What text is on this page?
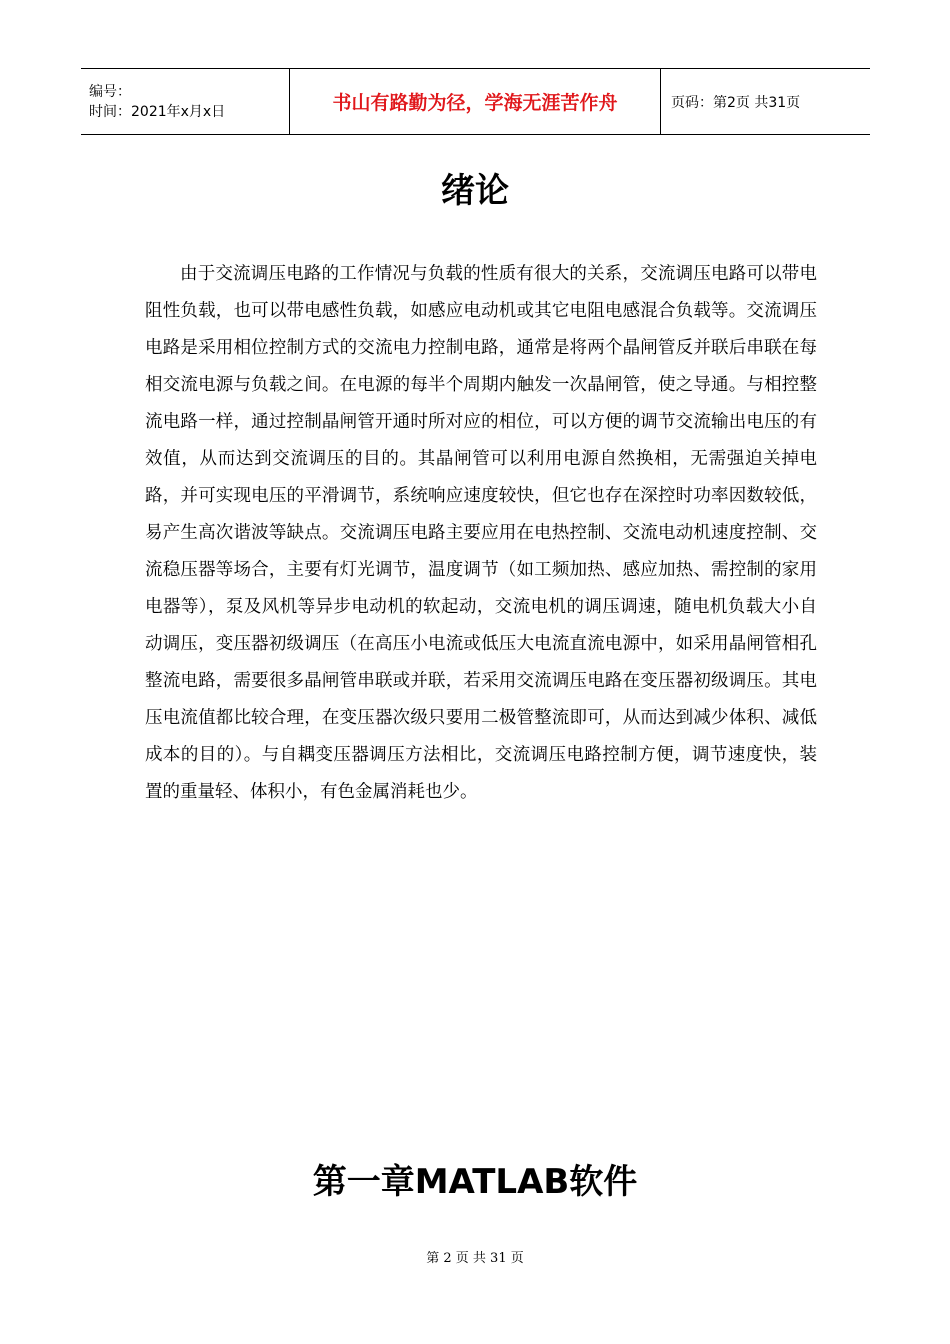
编号：
时间：2021年x月x日	书山有路勤为径，学海无涯苦作舟	页码：第2页 共31页
绪论

由于交流调压电路的工作情况与负载的性质有很大的关系，交流调压电路可以带电阻性负载，也可以带电感性负载，如感应电动机或其它电阻电感混合负载等。交流调压电路是采用相位控制方式的交流电力控制电路，通常是将两个晶闸管反并联后串联在每相交流电源与负载之间。在电源的每半个周期内触发一次晶闸管，使之导通。与相控整流电路一样，通过控制晶闸管开通时所对应的相位，可以方便的调节交流输出电压的有效值，从而达到交流调压的目的。其晶闸管可以利用电源自然换相，无需强迫关掉电路，并可实现电压的平滑调节，系统响应速度较快，但它也存在深控时功率因数较低，易产生高次谐波等缺点。交流调压电路主要应用在电热控制、交流电动机速度控制、交流稳压器等场合，主要有灯光调节，温度调节（如工频加热、感应加热、需控制的家用电器等），泵及风机等异步电动机的软起动，交流电机的调压调速，随电机负载大小自动调压，变压器初级调压（在高压小电流或低压大电流直流电源中，如采用晶闸管相孔整流电路，需要很多晶闸管串联或并联，若采用交流调压电路在变压器初级调压。其电压电流值都比较合理，在变压器次级只要用二极管整流即可，从而达到减少体积、减低成本的目的）。与自耦变压器调压方法相比，交流调压电路控制方便，调节速度快，装置的重量轻、体积小，有色金属消耗也少。

第一章MATLAB软件
第 2 页 共 31 页
